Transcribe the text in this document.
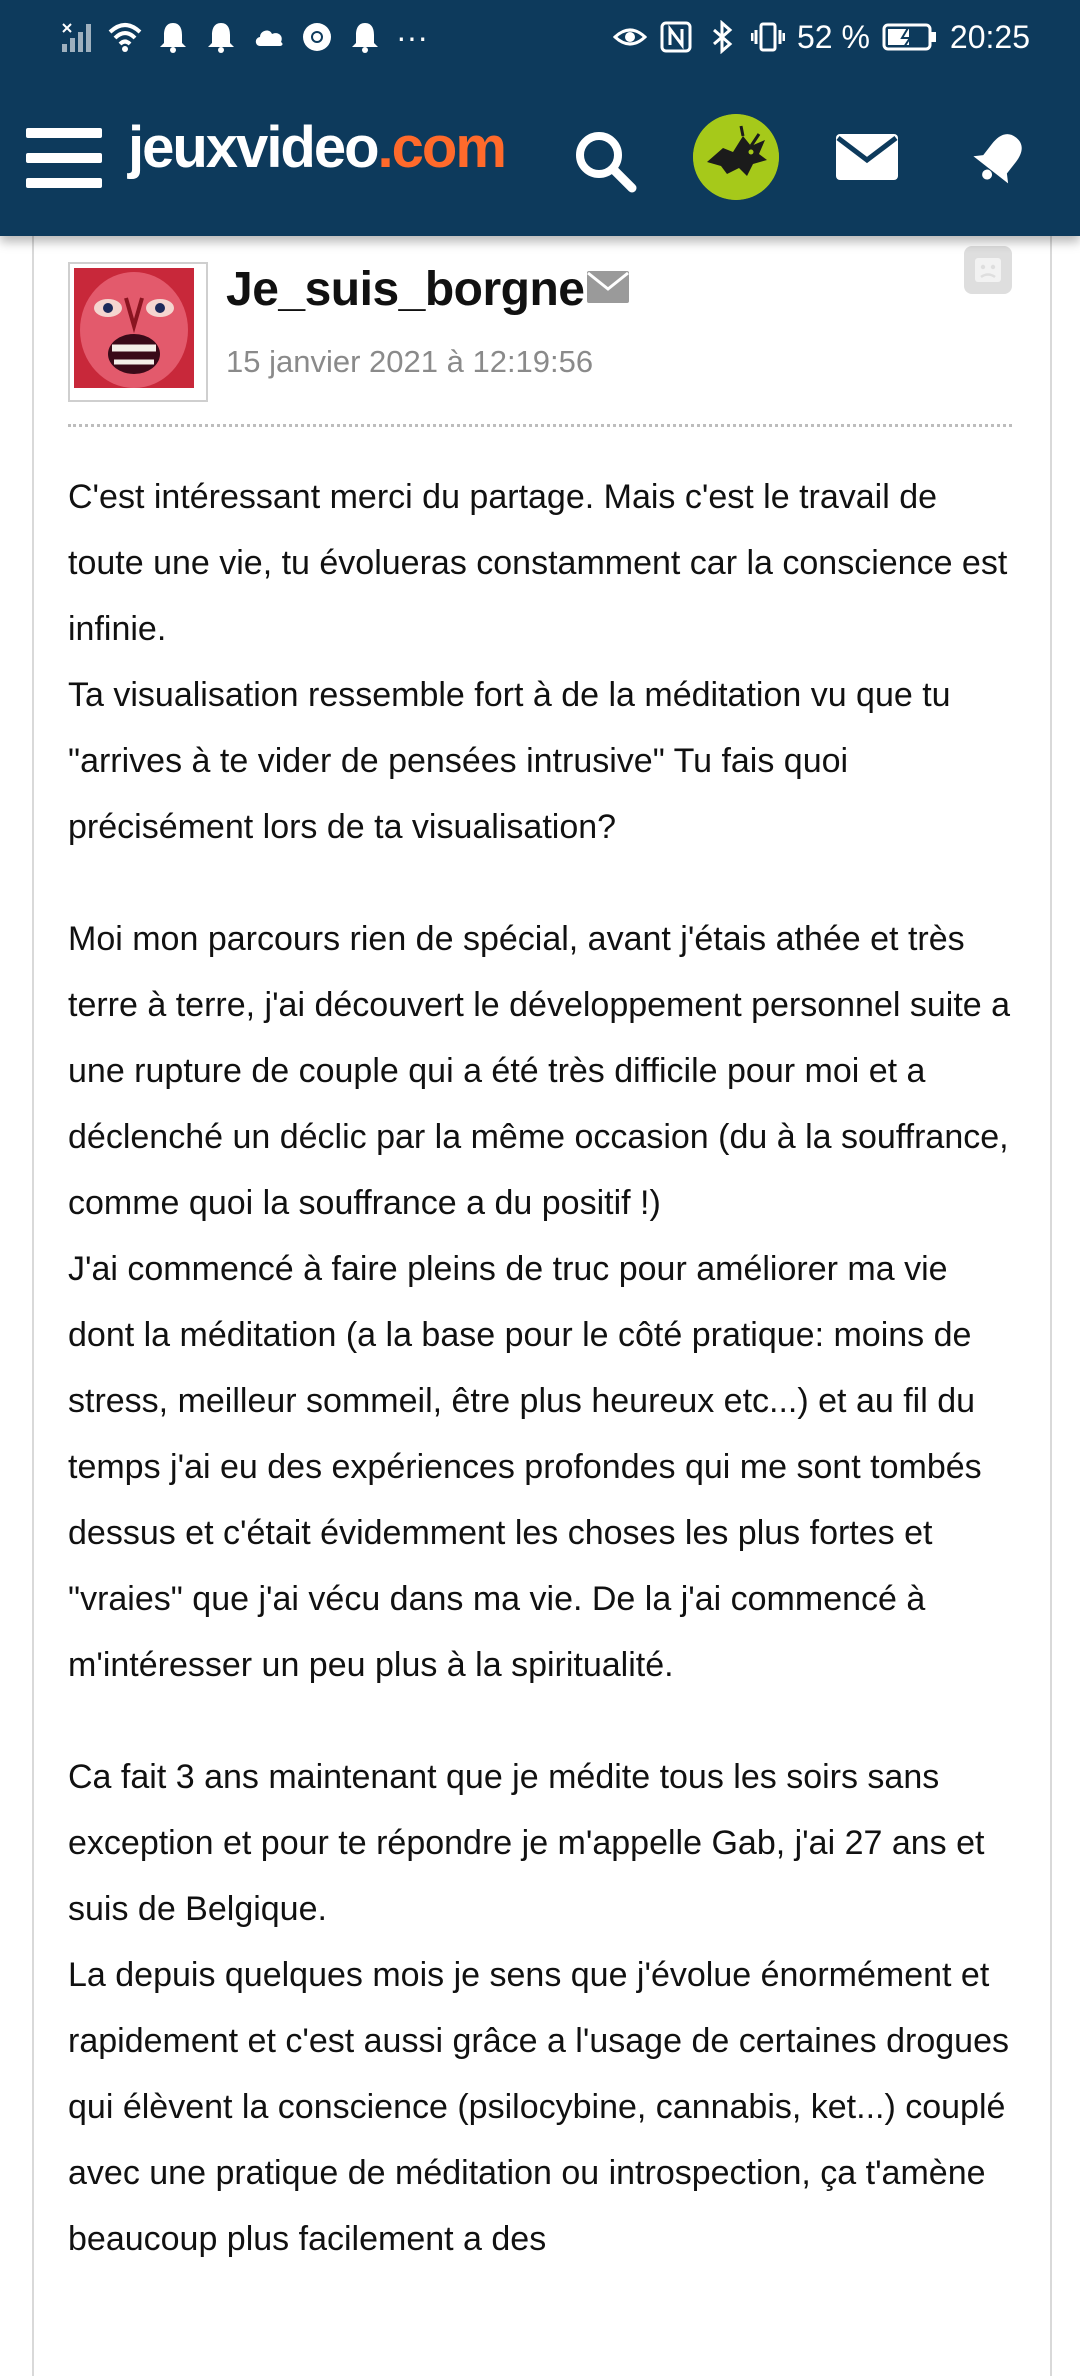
···	52 %	20:25
jeuxvideo.com
Je_suis_borgne
15 janvier 2021 à 12:19:56

C'est intéressant merci du partage. Mais c'est le travail de toute une vie, tu évolueras constamment car la conscience est infinie.
Ta visualisation ressemble fort à de la méditation vu que tu "arrives à te vider de pensées intrusive" Tu fais quoi précisément lors de ta visualisation?

Moi mon parcours rien de spécial, avant j'étais athée et très terre à terre, j'ai découvert le développement personnel suite a une rupture de couple qui a été très difficile pour moi et a déclenché un déclic par la même occasion (du à la souffrance, comme quoi la souffrance a du positif !)
J'ai commencé à faire pleins de truc pour améliorer ma vie dont la méditation (a la base pour le côté pratique: moins de stress, meilleur sommeil, être plus heureux etc...) et au fil du temps j'ai eu des expériences profondes qui me sont tombés dessus et c'était évidemment les choses les plus fortes et "vraies" que j'ai vécu dans ma vie. De la j'ai commencé à m'intéresser un peu plus à la spiritualité.

Ca fait 3 ans maintenant que je médite tous les soirs sans exception et pour te répondre je m'appelle Gab, j'ai 27 ans et suis de Belgique.
La depuis quelques mois je sens que j'évolue énormément et rapidement et c'est aussi grâce a l'usage de certaines drogues qui élèvent la conscience (psilocybine, cannabis, ket...) couplé avec une pratique de méditation ou introspection, ça t'amène beaucoup plus facilement a des
